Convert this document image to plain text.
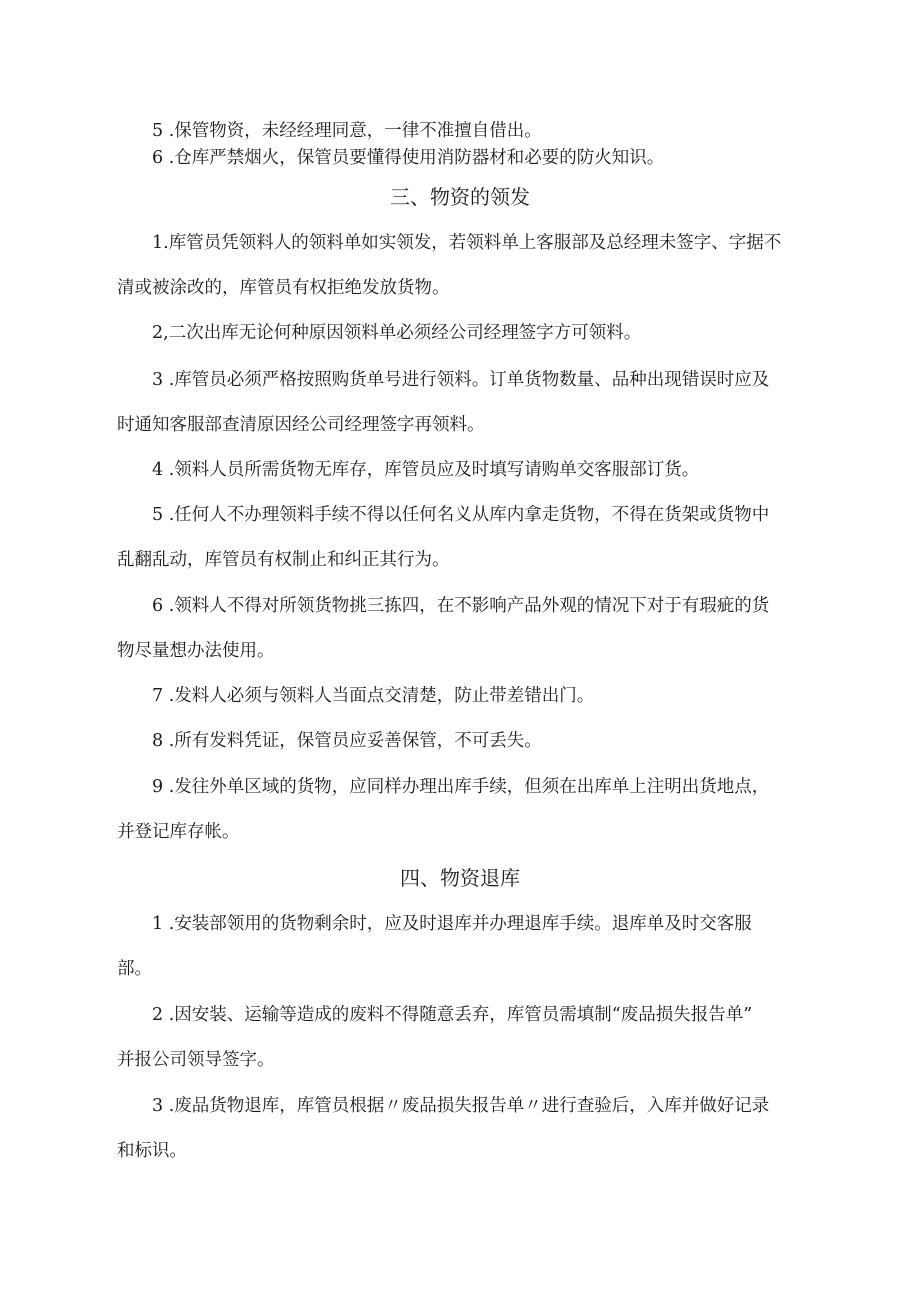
5 .保管物资，未经经理同意，一律不准擅自借出。
6 .仓库严禁烟火，保管员要懂得使用消防器材和必要的防火知识。
三、物资的领发
1.库管员凭领料人的领料单如实领发，若领料单上客服部及总经理未签字、字据不
清或被涂改的，库管员有权拒绝发放货物。
2,二次出库无论何种原因领料单必须经公司经理签字方可领料。
3 .库管员必须严格按照购货单号进行领料。订单货物数量、品种出现错误时应及
时通知客服部查清原因经公司经理签字再领料。
4 .领料人员所需货物无库存，库管员应及时填写请购单交客服部订货。
5 .任何人不办理领料手续不得以任何名义从库内拿走货物，不得在货架或货物中
乱翻乱动，库管员有权制止和纠正其行为。
6 .领料人不得对所领货物挑三拣四，在不影响产品外观的情况下对于有瑕疵的货
物尽量想办法使用。
7 .发料人必须与领料人当面点交清楚，防止带差错出门。
8 .所有发料凭证，保管员应妥善保管，不可丢失。
9 .发往外单区域的货物，应同样办理出库手续，但须在出库单上注明出货地点，
并登记库存帐。
四、物资退库
1 .安装部领用的货物剩余时，应及时退库并办理退库手续。退库单及时交客服
部。
2 .因安装、运输等造成的废料不得随意丢弃，库管员需填制“废品损失报告单”
并报公司领导签字。
3 .废品货物退库，库管员根据〃废品损失报告单〃进行查验后，入库并做好记录
和标识。
